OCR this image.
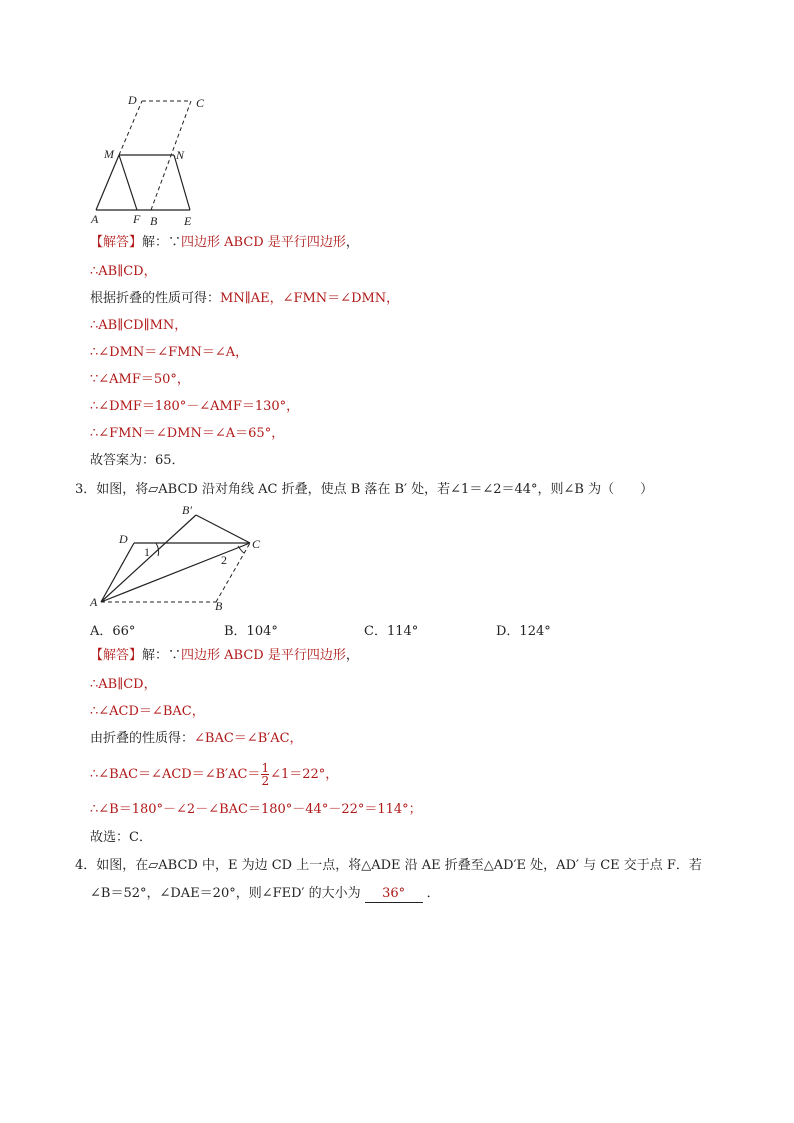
D	C
M	N
A	F B E
【解答】解：∵四边形 ABCD 是平行四边形，
∴AB∥CD，
根据折叠的性质可得：MN∥AE，∠FMN＝∠DMN，
∴AB∥CD∥MN，
∴∠DMN＝∠FMN＝∠A，
∵∠AMF＝50°，
∴∠DMF＝180°－∠AMF＝130°，
∴∠FMN＝∠DMN＝∠A＝65°，
故答案为：65．
3．如图，将▱ABCD 沿对角线 AC 折叠，使点 B 落在 B′ 处，若∠1＝∠2＝44°，则∠B 为（　　）
B′
D	C
1
2
A	B
A．66°	B．104°	C．114°	D．124°
【解答】解：∵四边形 ABCD 是平行四边形，
∴AB∥CD，
∴∠ACD＝∠BAC，
由折叠的性质得：∠BAC＝∠B′AC，
∴∠BAC＝∠ACD＝∠B′AC＝ $\frac{1}{2}$ ∠1＝22°，
∴∠B＝180°－∠2－∠BAC＝180°－44°－22°＝114°；
故选：C．
4．如图，在▱ABCD 中，E 为边 CD 上一点，将△ADE 沿 AE 折叠至△AD′E 处，AD′ 与 CE 交于点 F．若
∠B＝52°，∠DAE＝20°，则∠FED′ 的大小为 36° ．
